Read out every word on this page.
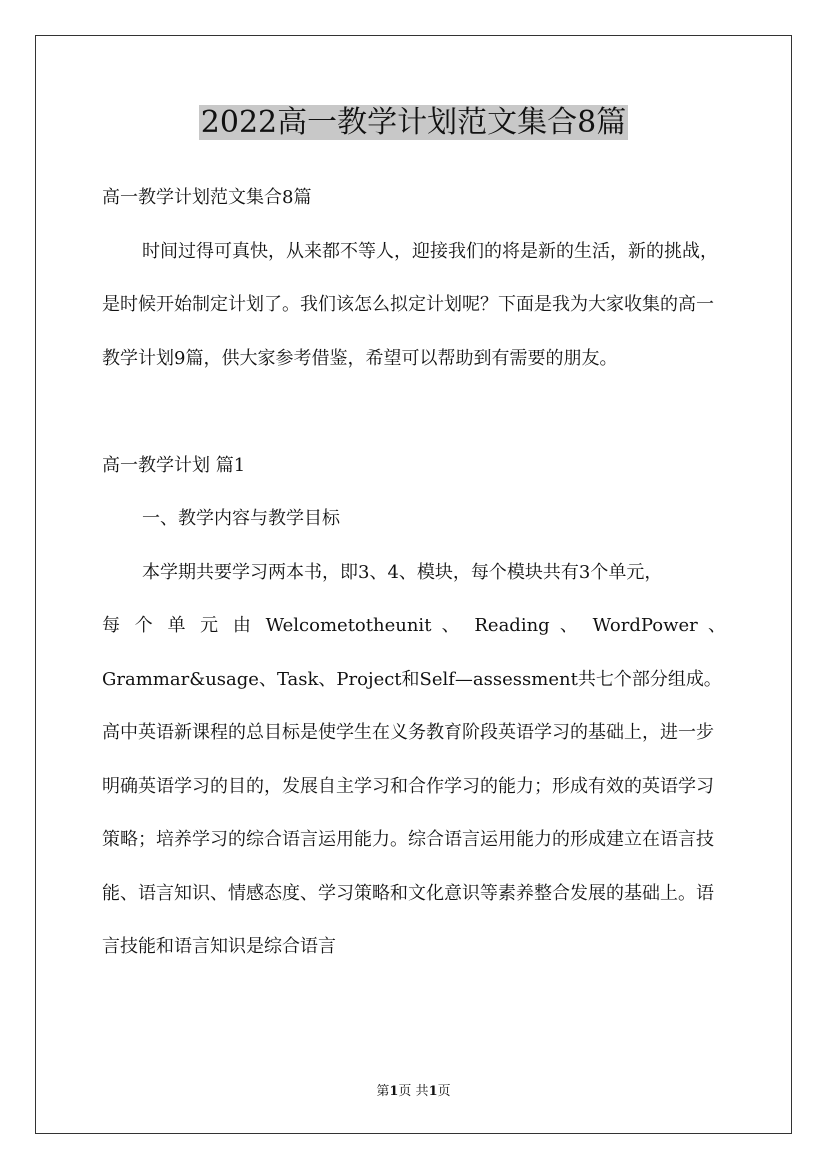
2022高一教学计划范文集合8篇

高一教学计划范文集合8篇

时间过得可真快，从来都不等人，迎接我们的将是新的生活，新的挑战，是时候开始制定计划了。我们该怎么拟定计划呢？下面是我为大家收集的高一教学计划9篇，供大家参考借鉴，希望可以帮助到有需要的朋友。

高一教学计划 篇1

一、教学内容与教学目标

本学期共要学习两本书，即3、4、模块，每个模块共有3个单元，

每 个 单 元 由 Welcometotheunit 、 Reading 、 WordPower 、

Grammar&usage、Task、Project和Self—assessment共七个部分组成。高中英语新课程的总目标是使学生在义务教育阶段英语学习的基础上，进一步明确英语学习的目的，发展自主学习和合作学习的能力；形成有效的英语学习策略；培养学习的综合语言运用能力。综合语言运用能力的形成建立在语言技能、语言知识、情感态度、学习策略和文化意识等素养整合发展的基础上。语言技能和语言知识是综合语言

第1页 共1页
